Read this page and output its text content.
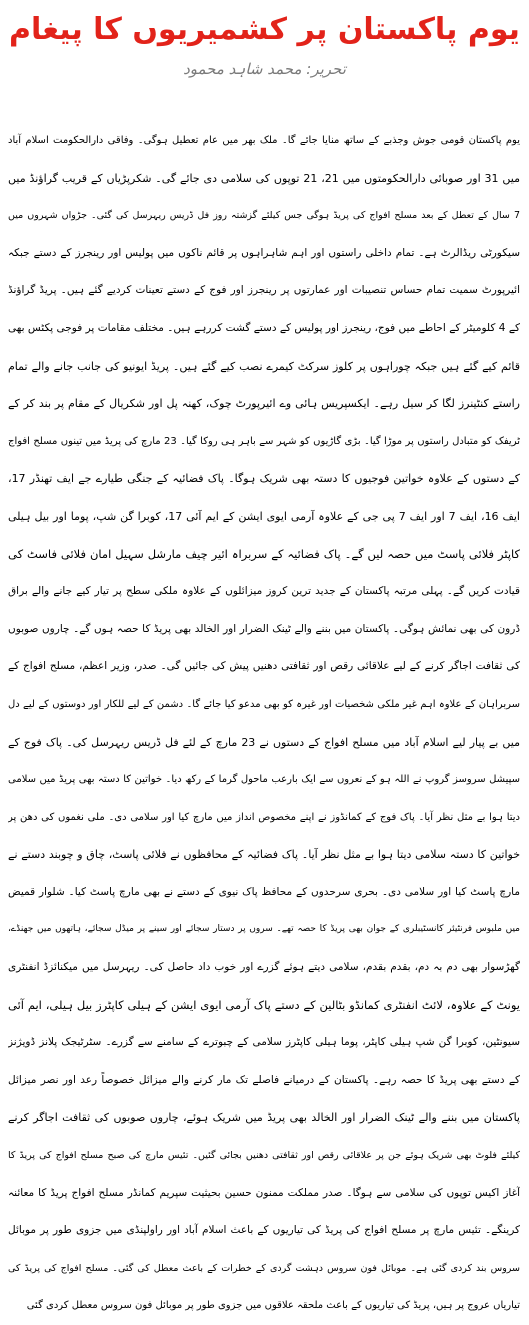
یوم پاکستان پر کشمیریوں کا پیغام
تحریر: محمد شاہد محمود
یوم پاکستان قومی جوش وجذبے کے ساتھ منایا جائے گا۔ ملک بھر میں عام تعطیل ہوگی۔ وفاقی دارالحکومت اسلام آباد
میں 31 اور صوبائی دارالحکومتوں میں 21، 21 توپوں کی سلامی دی جائے گی۔ شکرپڑیاں کے قریب گراؤنڈ میں
7 سال کے تعطل کے بعد مسلح افواج کی پریڈ ہوگی جس کیلئے گزشتہ روز فل ڈریس ریہرسل کی گئی۔ جڑواں شہروں میں
سیکورٹی ریڈالرٹ ہے۔ تمام داخلی راستوں اور اہم شاہراہوں پر قائم ناکوں میں پولیس اور رینجرز کے دستے جبکہ
ائیرپورٹ سمیت تمام حساس تنصیبات اور عمارتوں پر رینجرز اور فوج کے دستے تعینات کردیے گئے ہیں۔ پریڈ گراؤنڈ
کے 4 کلومیٹر کے احاطے میں فوج، رینجرز اور پولیس کے دستے گشت کررہے ہیں۔ مختلف مقامات پر فوجی پکٹس بھی
قائم کیے گئے ہیں جبکہ چوراہوں پر کلوز سرکٹ کیمرے نصب کیے گئے ہیں۔ پریڈ ایونیو کی جانب جانے والے تمام
راستے کنٹینرز لگا کر سیل رہے۔ ایکسپریس ہائی وے ائیرپورٹ چوک، کھنہ پل اور شکریال کے مقام پر بند کر کے
ٹریفک کو متبادل راستوں پر موڑا گیا۔ بڑی گاڑیوں کو شہر سے باہر ہی روکا گیا۔ 23 مارچ کی پریڈ میں تینوں مسلح افواج
کے دستوں کے علاوہ خواتین فوجیوں کا دستہ بھی شریک ہوگا۔ پاک فضائیہ کے جنگی طیارے جے ایف تھنڈر 17،
ایف 16، ایف 7 اور ایف 7 پی جی کے علاوہ آرمی ایوی ایشن کے ایم آئی 17، کوبرا گن شپ، پوما اور بیل ہیلی
کاپٹر فلائی پاسٹ میں حصہ لیں گے۔ پاک فضائیہ کے سربراہ ائیر چیف مارشل سہیل امان فلائی فاسٹ کی
قیادت کریں گے۔ پہلی مرتبہ پاکستان کے جدید ترین کروز میزائلوں کے علاوہ ملکی سطح پر تیار کیے جانے والے براق
ڈرون کی بھی نمائش ہوگی۔ پاکستان میں بننے والے ٹینک الضرار اور الخالد بھی پریڈ کا حصہ ہوں گے۔ چاروں صوبوں
کی ثقافت اجاگر کرنے کے لیے علاقائی رقص اور ثقافتی دھنیں پیش کی جائیں گی۔ صدر، وزیر اعظم، مسلح افواج کے
سربراہان کے علاوہ اہم غیر ملکی شخصیات اور غیرہ کو بھی مدعو کیا جائے گا۔ دشمن کے لیے للکار اور دوستوں کے لیے دل
میں بے پیار لیے اسلام آباد میں مسلح افواج کے دستوں نے 23 مارچ کے لئے فل ڈریس ریہرسل کی۔ پاک فوج کے
سپیشل سروسز گروپ نے اللہ ہو کے نعروں سے ایک بارعب ماحول گرما کے رکھ دیا۔ خواتین کا دستہ بھی پریڈ میں سلامی
دیتا ہوا بے مثل نظر آیا۔ پاک فوج کے کمانڈوز نے اپنے مخصوص انداز میں مارچ کیا اور سلامی دی۔ ملی نغموں کی دھن پر
خواتین کا دستہ سلامی دیتا ہوا بے مثل نظر آیا۔ پاک فضائیہ کے محافظوں نے فلائی پاسٹ، چاق و چوبند دستے نے
مارچ پاسٹ کیا اور سلامی دی۔ بحری سرحدوں کے محافظ پاک نیوی کے دستے نے بھی مارچ پاسٹ کیا۔ شلوار قمیض
میں ملبوس فرنٹیئر کانسٹیبلری کے جوان بھی پریڈ کا حصہ تھے۔ سروں پر دستار سجائے اور سینے پر میڈل سجائے، ہاتھوں میں جھنڈے،
گھڑسوار بھی دم بہ دم، بقدم بقدم، سلامی دیتے ہوئے گزرے اور خوب داد حاصل کی۔ ریہرسل میں میکنائزڈ انفنٹری
یونٹ کے علاوہ، لائٹ انفنٹری کمانڈو بٹالین کے دستے پاک آرمی ایوی ایشن کے ہیلی کاپٹرز بیل ہیلی، ایم آئی
سیونٹین، کوبرا گن شپ ہیلی کاپٹر، پوما ہیلی کاپٹرز سلامی کے چبوترے کے سامنے سے گزرے۔ سٹرٹیجک پلانز ڈویژنز
کے دستے بھی پریڈ کا حصہ رہے۔ پاکستان کے درمیانے فاصلے تک مار کرنے والے میزائل خصوصاً رعد اور نصر میزائل
پاکستان میں بننے والے ٹینک الضرار اور الخالد بھی پریڈ میں شریک ہوئے، چاروں صوبوں کی ثقافت اجاگر کرنے
کیلئے فلوٹ بھی شریک ہوئے جن پر علاقائی رقص اور ثقافتی دھنیں بجائی گئیں۔ تئیس مارچ کی صبح مسلح افواج کی پریڈ کا
آغاز اکیس توپوں کی سلامی سے ہوگا۔ صدر مملکت ممنون حسین بحیثیت سپریم کمانڈر مسلح افواج پریڈ کا معائنہ
کرینگے۔ تئیس مارچ پر مسلح افواج کی پریڈ کی تیاریوں کے باعث اسلام آباد اور راولپنڈی میں جزوی طور پر موبائل
سروس بند کردی گئی ہے۔ موبائل فون سروس دہشت گردی کے خطرات کے باعث معطل کی گئی۔ مسلح افواج کی پریڈ کی
تیاریاں عروج پر ہیں، پریڈ کی تیاریوں کے باعث ملحقہ علاقوں میں جزوی طور پر موبائل فون سروس معطل کردی گئی
